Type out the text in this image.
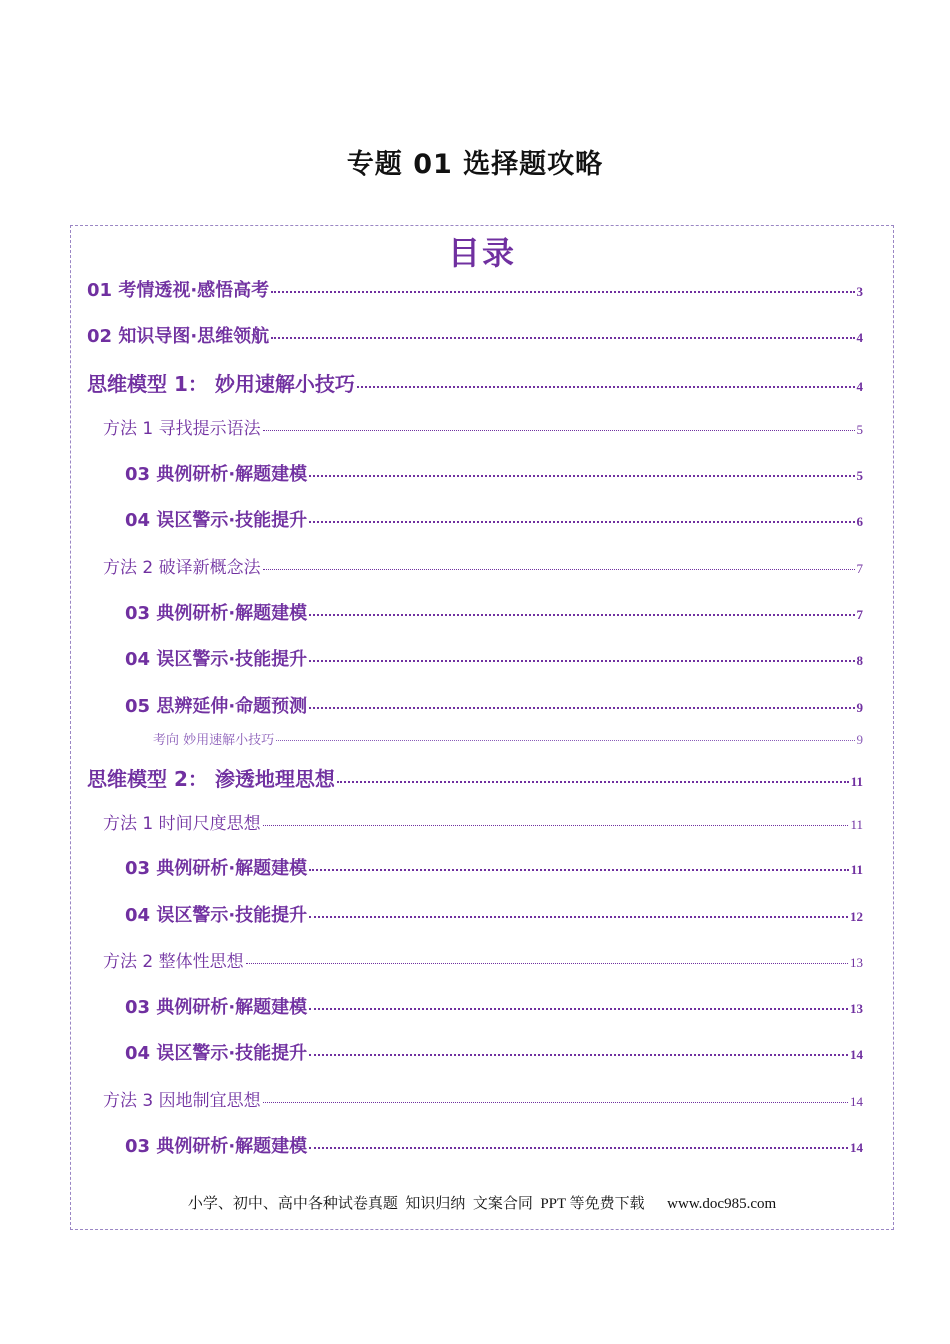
专题 01 选择题攻略
目录
01 考情透视·感悟高考	3
02 知识导图·思维领航	4
思维模型 1： 妙用速解小技巧	4
方法 1 寻找提示语法	5
03 典例研析·解题建模	5
04 误区警示·技能提升	6
方法 2 破译新概念法	7
03 典例研析·解题建模	7
04 误区警示·技能提升	8
05 思辨延伸·命题预测	9
考向 妙用速解小技巧	9
思维模型 2： 渗透地理思想	11
方法 1 时间尺度思想	11
03 典例研析·解题建模	11
04 误区警示·技能提升	12
方法 2 整体性思想	13
03 典例研析·解题建模	13
04 误区警示·技能提升	14
方法 3 因地制宜思想	14
03 典例研析·解题建模	14
小学、初中、高中各种试卷真题  知识归纳  文案合同  PPT 等免费下载      www.doc985.com
